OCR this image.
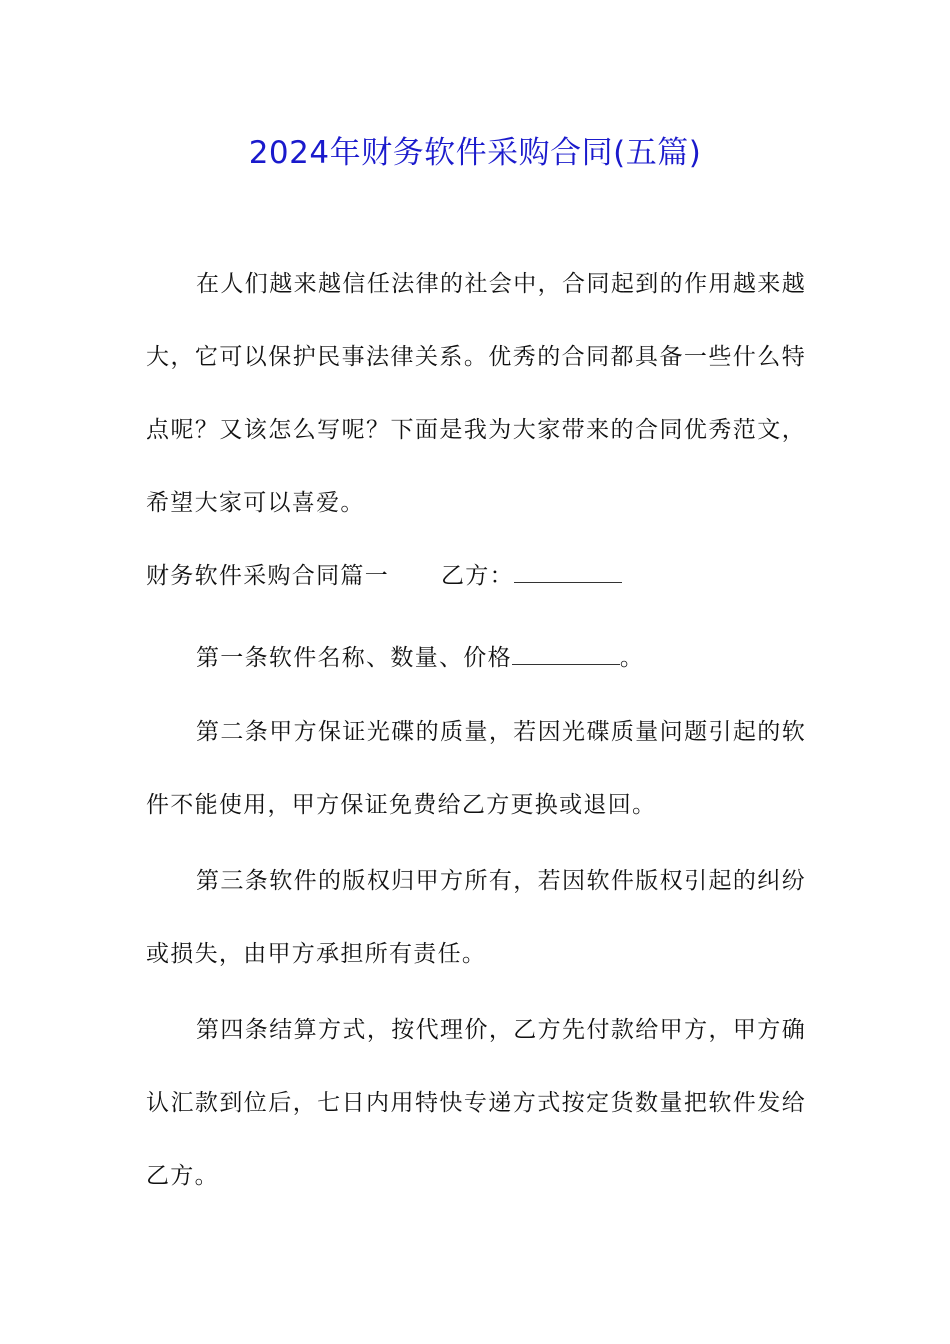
2024年财务软件采购合同(五篇)
在人们越来越信任法律的社会中，合同起到的作用越来越
大，它可以保护民事法律关系。优秀的合同都具备一些什么特
点呢？又该怎么写呢？下面是我为大家带来的合同优秀范文，
希望大家可以喜爱。
财务软件采购合同篇一 乙方：
第一条软件名称、数量、价格	。
第二条甲方保证光碟的质量，若因光碟质量问题引起的软
件不能使用，甲方保证免费给乙方更换或退回。
第三条软件的版权归甲方所有，若因软件版权引起的纠纷
或损失，由甲方承担所有责任。
第四条结算方式，按代理价，乙方先付款给甲方，甲方确
认汇款到位后，七日内用特快专递方式按定货数量把软件发给
乙方。
